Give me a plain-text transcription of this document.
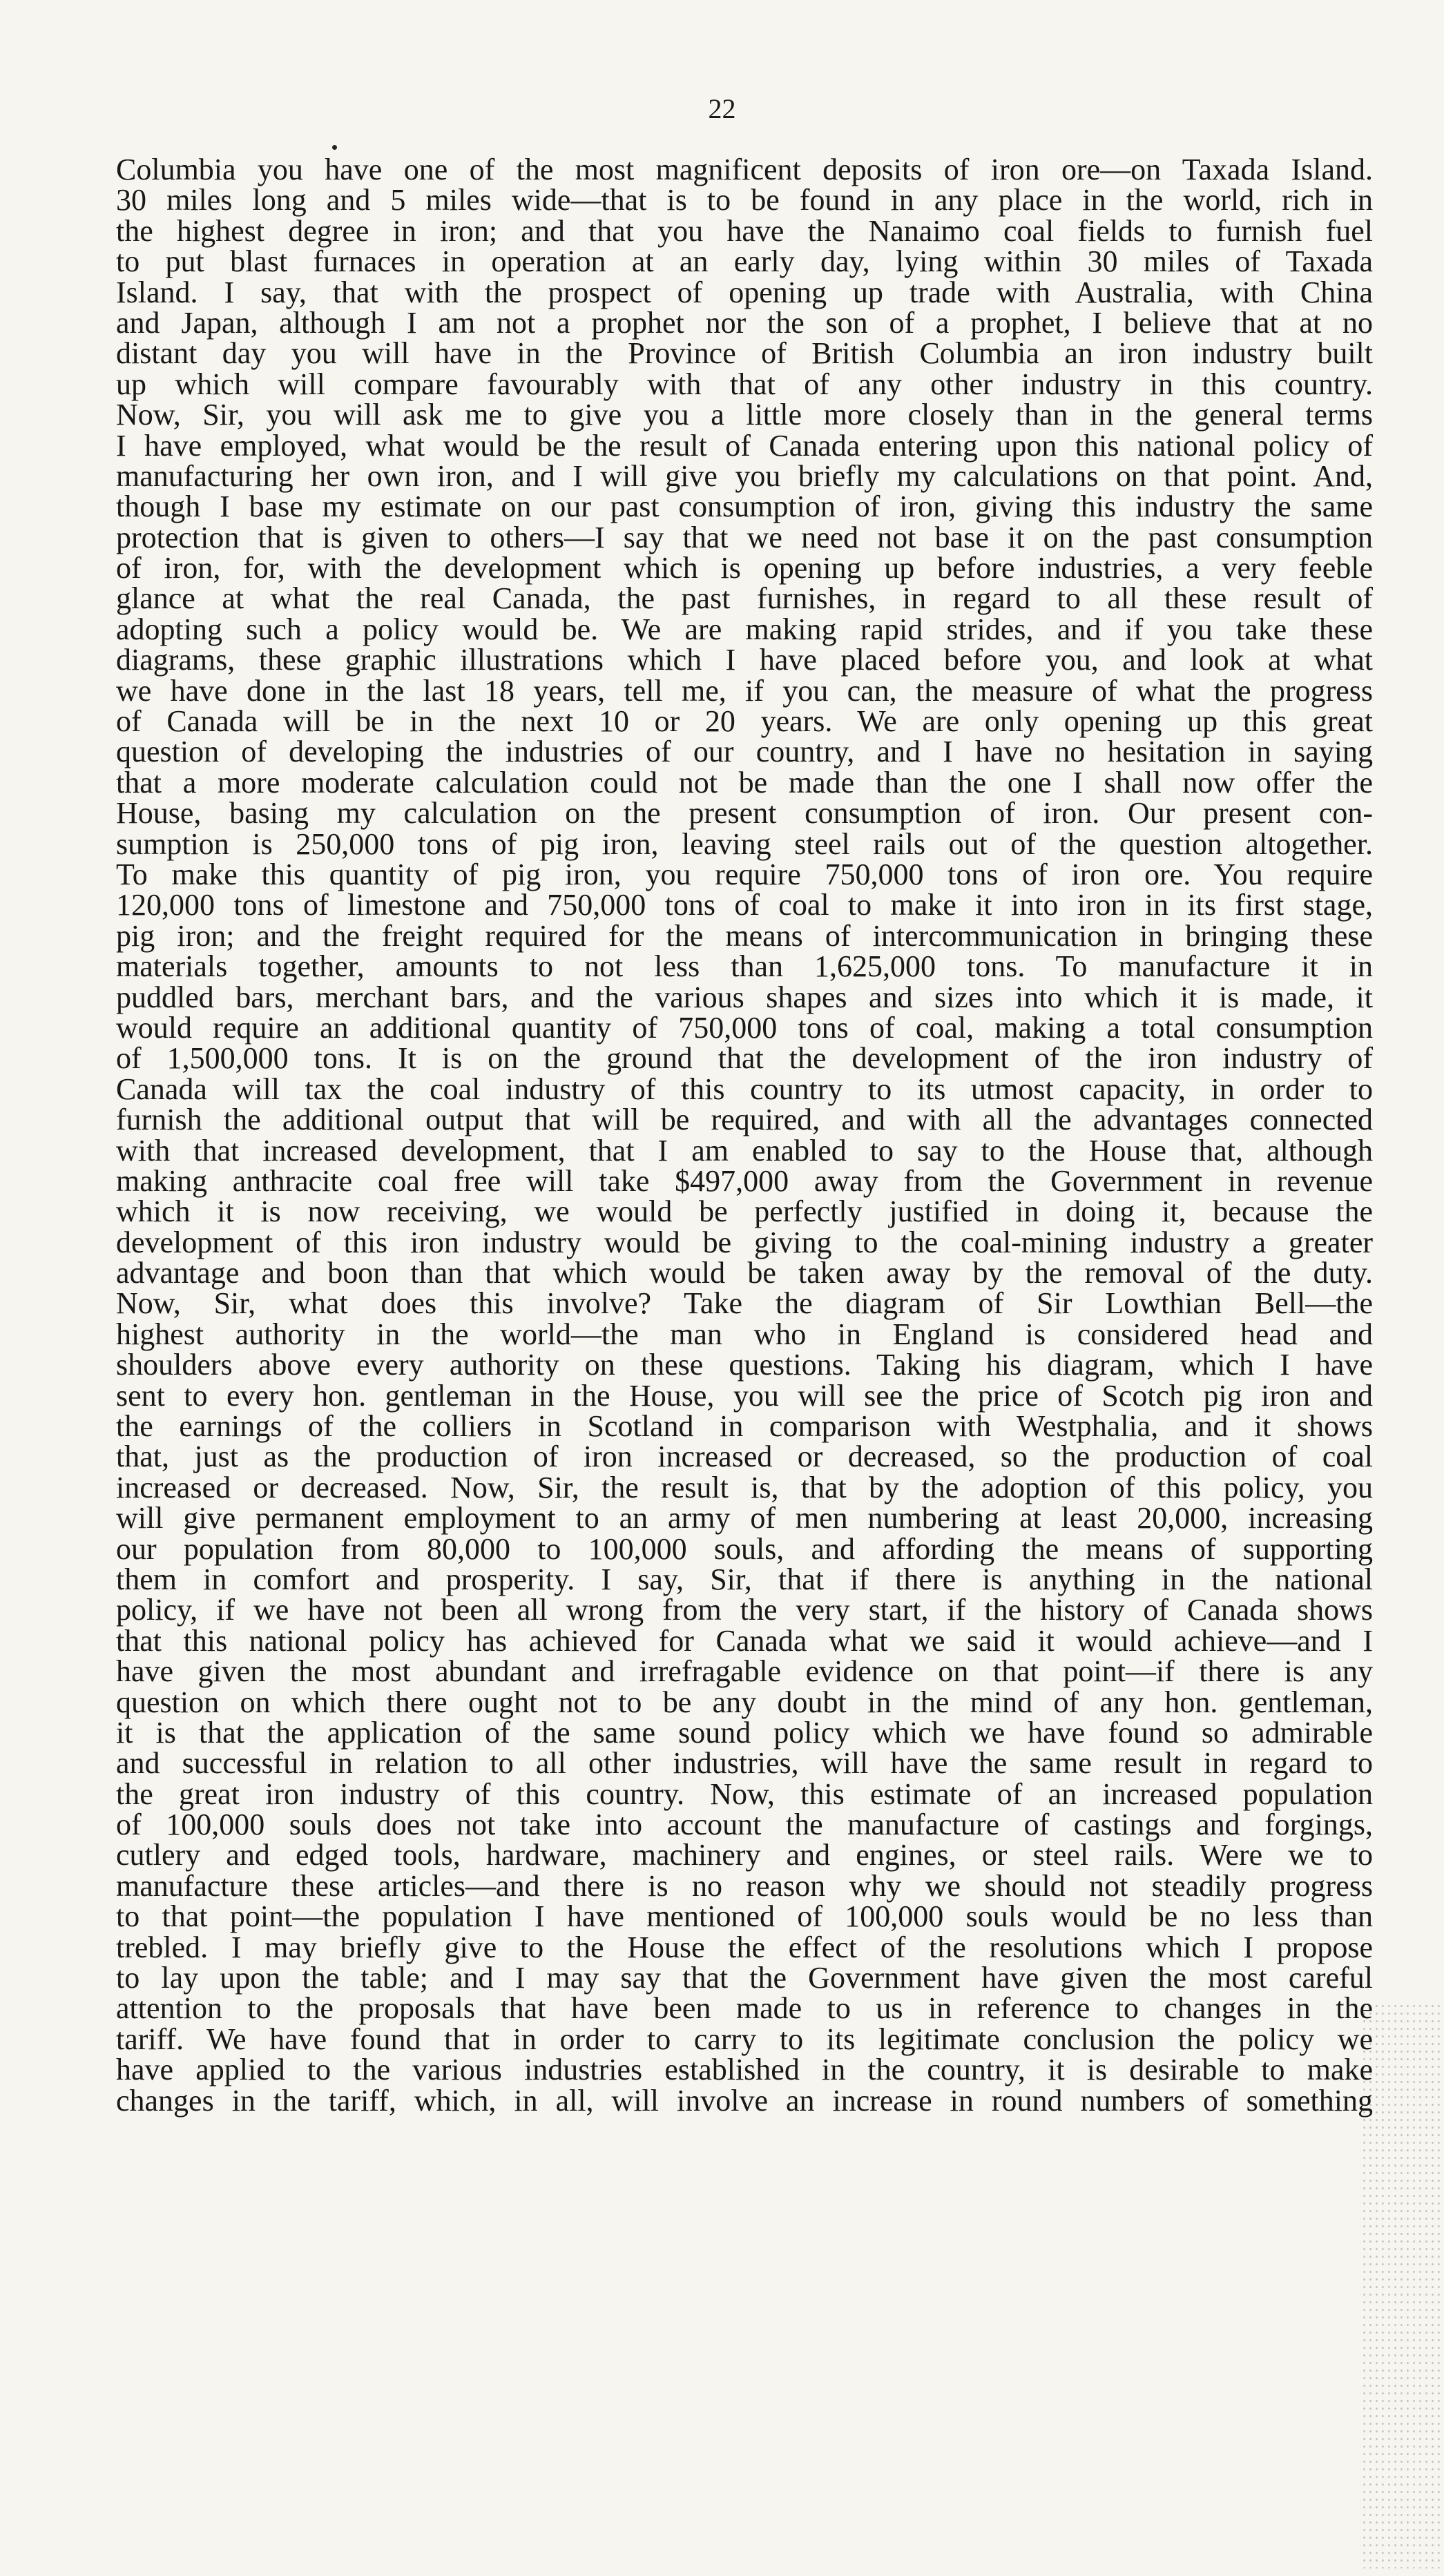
22
Columbia you have one of the most magnificent deposits of iron ore—on Taxada Island.
30 miles long and 5 miles wide—that is to be found in any place in the world, rich in
the highest degree in iron; and that you have the Nanaimo coal fields to furnish fuel
to put blast furnaces in operation at an early day, lying within 30 miles of Taxada
Island. I say, that with the prospect of opening up trade with Australia, with China
and Japan, although I am not a prophet nor the son of a prophet, I believe that at no
distant day you will have in the Province of British Columbia an iron industry built
up which will compare favourably with that of any other industry in this country.
Now, Sir, you will ask me to give you a little more closely than in the general terms
I have employed, what would be the result of Canada entering upon this national policy of
manufacturing her own iron, and I will give you briefly my calculations on that point. And,
though I base my estimate on our past consumption of iron, giving this industry the same
protection that is given to others—I say that we need not base it on the past consumption
of iron, for, with the development which is opening up before industries, a very feeble
glance at what the real Canada, the past furnishes, in regard to all these result of
adopting such a policy would be. We are making rapid strides, and if you take these
diagrams, these graphic illustrations which I have placed before you, and look at what
we have done in the last 18 years, tell me, if you can, the measure of what the progress
of Canada will be in the next 10 or 20 years. We are only opening up this great
question of developing the industries of our country, and I have no hesitation in saying
that a more moderate calculation could not be made than the one I shall now offer the
House, basing my calculation on the present consumption of iron. Our present con-
sumption is 250,000 tons of pig iron, leaving steel rails out of the question altogether.
To make this quantity of pig iron, you require 750,000 tons of iron ore. You require
120,000 tons of limestone and 750,000 tons of coal to make it into iron in its first stage,
pig iron; and the freight required for the means of intercommunication in bringing these
materials together, amounts to not less than 1,625,000 tons. To manufacture it in
puddled bars, merchant bars, and the various shapes and sizes into which it is made, it
would require an additional quantity of 750,000 tons of coal, making a total consumption
of 1,500,000 tons. It is on the ground that the development of the iron industry of
Canada will tax the coal industry of this country to its utmost capacity, in order to
furnish the additional output that will be required, and with all the advantages connected
with that increased development, that I am enabled to say to the House that, although
making anthracite coal free will take $497,000 away from the Government in revenue
which it is now receiving, we would be perfectly justified in doing it, because the
development of this iron industry would be giving to the coal-mining industry a greater
advantage and boon than that which would be taken away by the removal of the duty.
Now, Sir, what does this involve? Take the diagram of Sir Lowthian Bell—the
highest authority in the world—the man who in England is considered head and
shoulders above every authority on these questions. Taking his diagram, which I have
sent to every hon. gentleman in the House, you will see the price of Scotch pig iron and
the earnings of the colliers in Scotland in comparison with Westphalia, and it shows
that, just as the production of iron increased or decreased, so the production of coal
increased or decreased. Now, Sir, the result is, that by the adoption of this policy, you
will give permanent employment to an army of men numbering at least 20,000, increasing
our population from 80,000 to 100,000 souls, and affording the means of supporting
them in comfort and prosperity. I say, Sir, that if there is anything in the national
policy, if we have not been all wrong from the very start, if the history of Canada shows
that this national policy has achieved for Canada what we said it would achieve—and I
have given the most abundant and irrefragable evidence on that point—if there is any
question on which there ought not to be any doubt in the mind of any hon. gentleman,
it is that the application of the same sound policy which we have found so admirable
and successful in relation to all other industries, will have the same result in regard to
the great iron industry of this country. Now, this estimate of an increased population
of 100,000 souls does not take into account the manufacture of castings and forgings,
cutlery and edged tools, hardware, machinery and engines, or steel rails. Were we to
manufacture these articles—and there is no reason why we should not steadily progress
to that point—the population I have mentioned of 100,000 souls would be no less than
trebled. I may briefly give to the House the effect of the resolutions which I propose
to lay upon the table; and I may say that the Government have given the most careful
attention to the proposals that have been made to us in reference to changes in the
tariff. We have found that in order to carry to its legitimate conclusion the policy we
have applied to the various industries established in the country, it is desirable to make
changes in the tariff, which, in all, will involve an increase in round numbers of something
